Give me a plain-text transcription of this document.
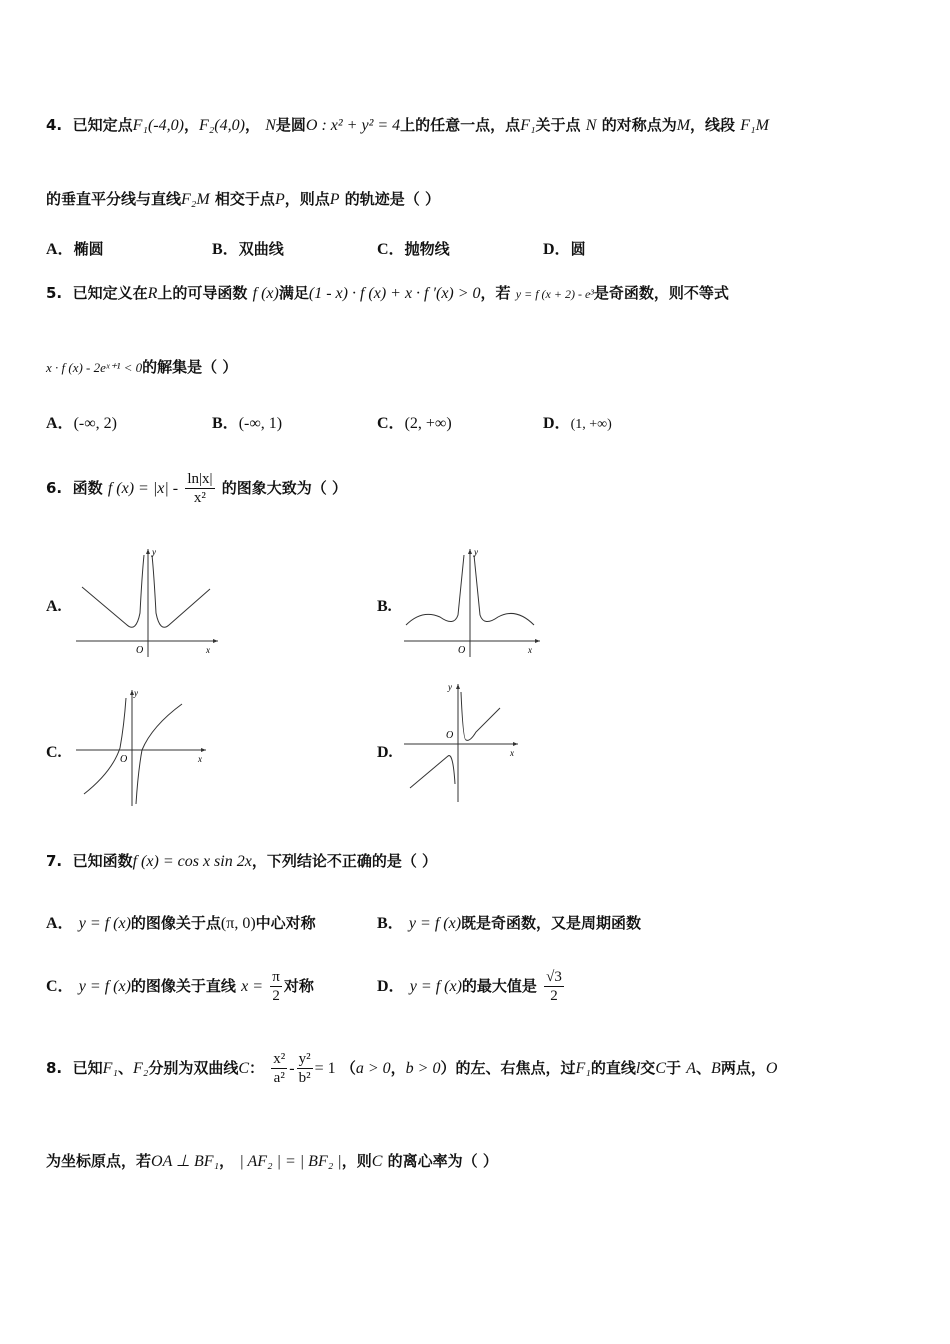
4. 已知定点F₁(-4,0)，F₂(4,0)， N是圆O : x² + y² = 4上的任意一点，点F₁关于点 N 的对称点为M，线段 F₁M
的垂直平分线与直线F₂M 相交于点P，则点P 的轨迹是（ ）
A．椭圆	B．双曲线	C．抛物线	D．圆
5. 已知定义在R上的可导函数 f (x)满足(1 - x) · f (x) + x · f ′(x) > 0，若 y = f (x + 2) - e³是奇函数，则不等式
x · f (x) - 2eˣ⁺¹ < 0的解集是（ ）
A．(-∞, 2)	B．(-∞, 1)	C．(2, +∞)	D．(1, +∞)
6. 函数 f $(x) = |x| - \frac{\ln|x|}{\text{x²}}$ 的图象大致为（ ）
A.
O	x
y
B.
O	x
y
C.	O	x
y
D.
O
x
y
7. 已知函数f (x) = cos x sin 2x，下列结论不正确的是（ ）
A． y = f (x)的图像关于点(π, 0)中心对称	B． y = f (x)既是奇函数，又是周期函数
C． y = f (x)的图像关于直线 $x = \frac{\pi}{2}$ 对称	D． y = f (x)的最大值是 $\frac{√3}{2}$
8. 已知F₁、F₂分别为双曲线C： $\frac{\text{x²}}{\text{a²}} - \frac{\text{y²}}{\text{b²}} = 1$ （a > 0，b > 0）的左、右焦点，过F₁的直线l交C于 A、B两点，O
为坐标原点，若OA ⊥ BF₁， | AF₂ | = | BF₂ |，则C 的离心率为（ ）
